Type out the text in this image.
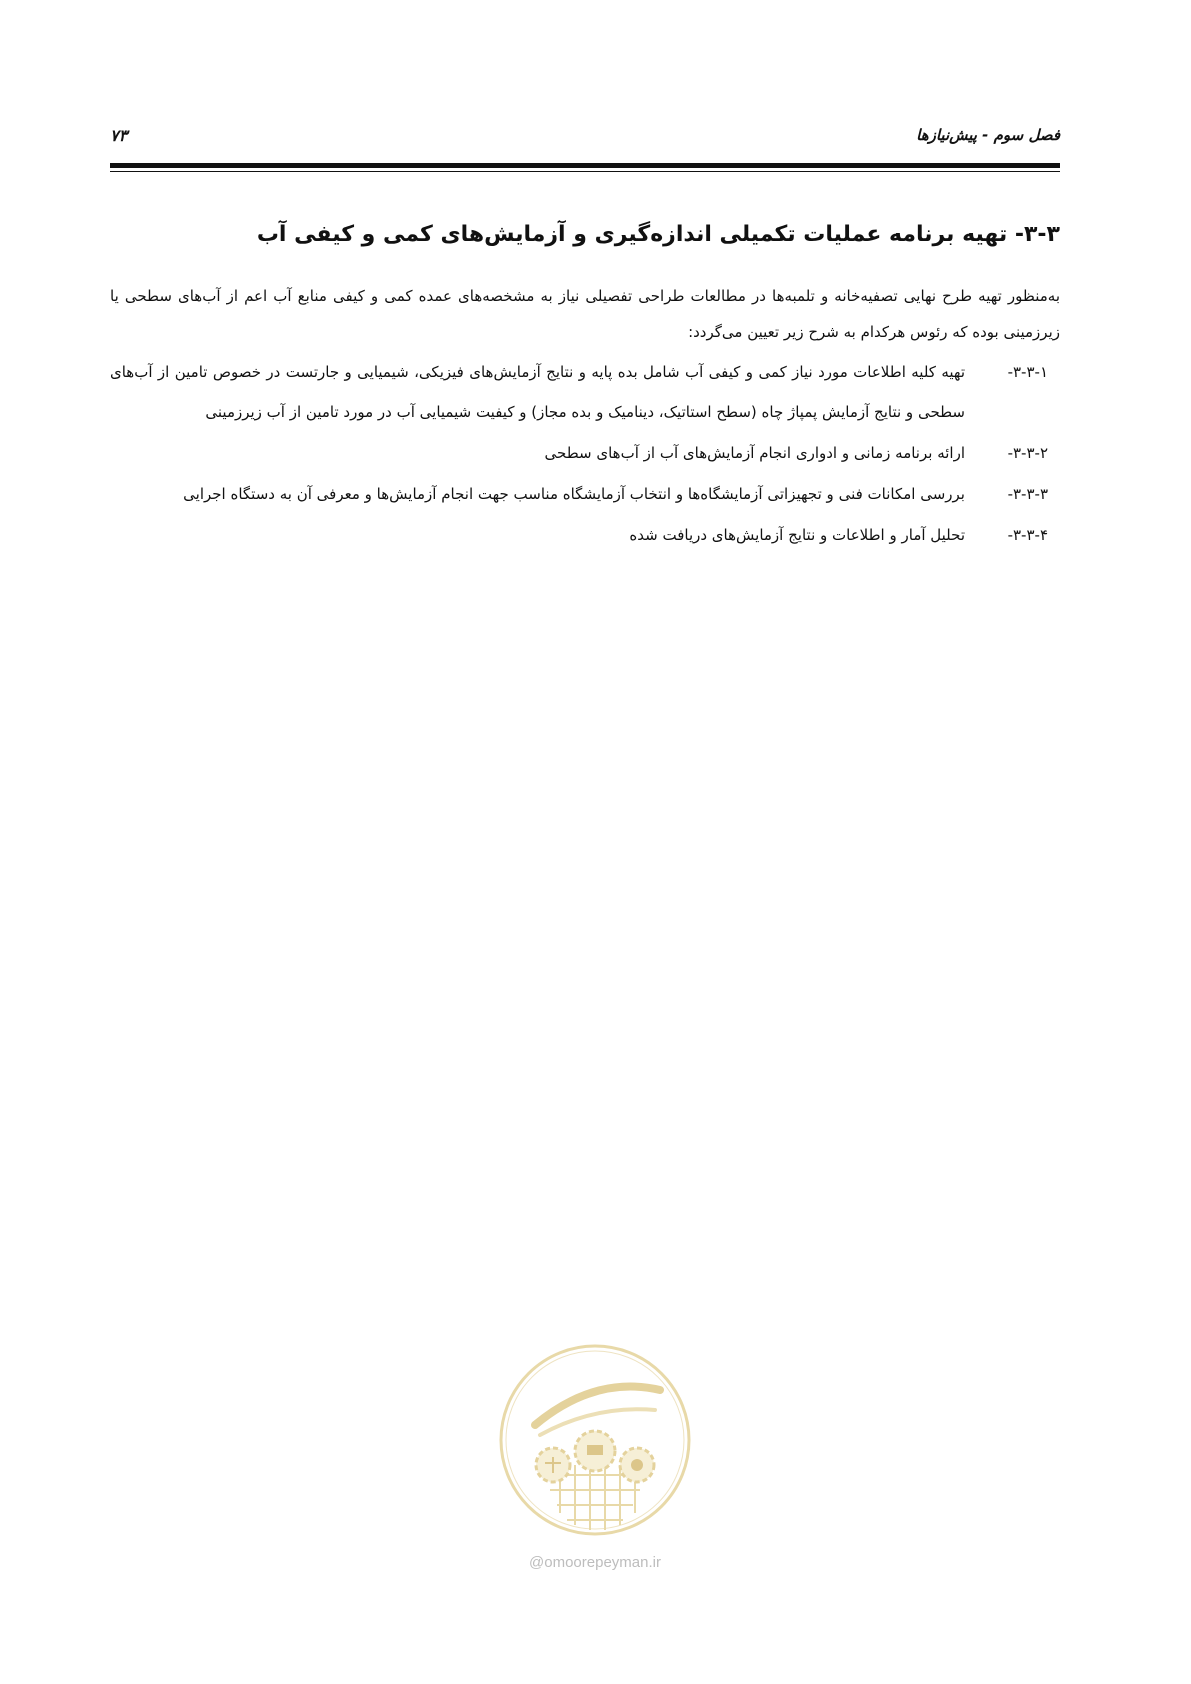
فصل سوم - پیش‌نیازها
۷۳
۳-۳- تهیه برنامه عملیات تکمیلی اندازه‌گیری و آزمایش‌های کمی و کیفی آب

به‌منظور تهیه طرح نهایی تصفیه‌خانه و تلمبه‌ها در مطالعات طراحی تفصیلی نیاز به مشخصه‌های عمده کمی و کیفی منابع آب اعم از آب‌های سطحی یا زیرزمینی بوده که رئوس هرکدام به شرح زیر تعیین می‌گردد:

۳-۳-۱-
تهیه کلیه اطلاعات مورد نیاز کمی و کیفی آب شامل بده پایه و نتایج آزمایش‌های فیزیکی، شیمیایی و جارتست در خصوص تامین از آب‌های سطحی و نتایج آزمایش پمپاژ چاه (سطح استاتیک، دینامیک و بده مجاز) و کیفیت شیمیایی آب در مورد تامین از آب زیرزمینی
۳-۳-۲-
ارائه برنامه زمانی و ادواری انجام آزمایش‌های آب از آب‌های سطحی
۳-۳-۳-
بررسی امکانات فنی و تجهیزاتی آزمایشگاه‌ها و انتخاب آزمایشگاه مناسب جهت انجام آزمایش‌ها و معرفی آن به دستگاه اجرایی
۳-۳-۴-
تحلیل آمار و اطلاعات و نتایج آزمایش‌های دریافت شده
@omoorepeyman.ir
